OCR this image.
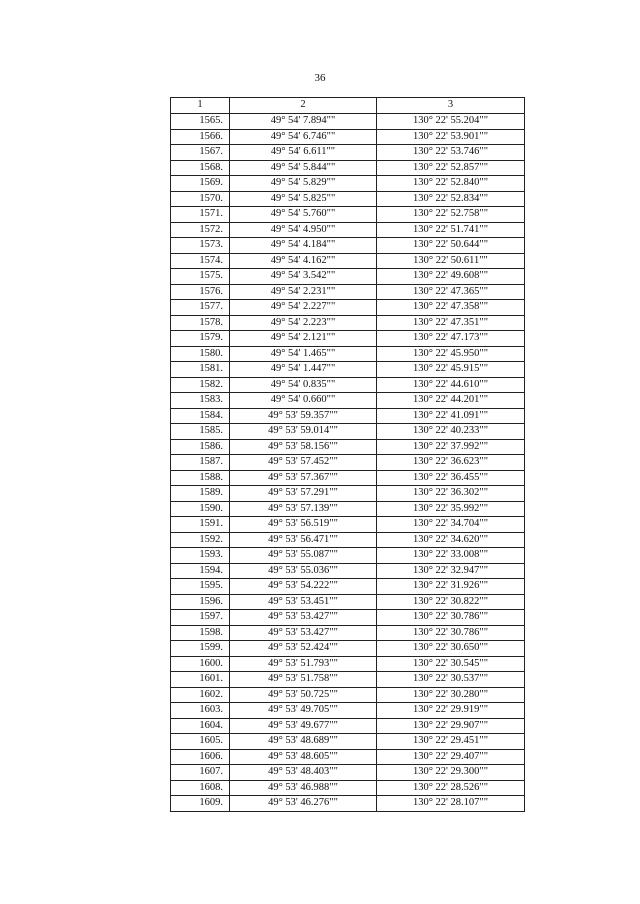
36
1	2	3
1565.	49° 54' 7.894""	130° 22' 55.204""
1566.	49° 54' 6.746""	130° 22' 53.901""
1567.	49° 54' 6.611""	130° 22' 53.746""
1568.	49° 54' 5.844""	130° 22' 52.857""
1569.	49° 54' 5.829""	130° 22' 52.840""
1570.	49° 54' 5.825""	130° 22' 52.834""
1571.	49° 54' 5.760""	130° 22' 52.758""
1572.	49° 54' 4.950""	130° 22' 51.741""
1573.	49° 54' 4.184""	130° 22' 50.644""
1574.	49° 54' 4.162""	130° 22' 50.611""
1575.	49° 54' 3.542""	130° 22' 49.608""
1576.	49° 54' 2.231""	130° 22' 47.365""
1577.	49° 54' 2.227""	130° 22' 47.358""
1578.	49° 54' 2.223""	130° 22' 47.351""
1579.	49° 54' 2.121""	130° 22' 47.173""
1580.	49° 54' 1.465""	130° 22' 45.950""
1581.	49° 54' 1.447""	130° 22' 45.915""
1582.	49° 54' 0.835""	130° 22' 44.610""
1583.	49° 54' 0.660""	130° 22' 44.201""
1584.	49° 53' 59.357""	130° 22' 41.091""
1585.	49° 53' 59.014""	130° 22' 40.233""
1586.	49° 53' 58.156""	130° 22' 37.992""
1587.	49° 53' 57.452""	130° 22' 36.623""
1588.	49° 53' 57.367""	130° 22' 36.455""
1589.	49° 53' 57.291""	130° 22' 36.302""
1590.	49° 53' 57.139""	130° 22' 35.992""
1591.	49° 53' 56.519""	130° 22' 34.704""
1592.	49° 53' 56.471""	130° 22' 34.620""
1593.	49° 53' 55.087""	130° 22' 33.008""
1594.	49° 53' 55.036""	130° 22' 32.947""
1595.	49° 53' 54.222""	130° 22' 31.926""
1596.	49° 53' 53.451""	130° 22' 30.822""
1597.	49° 53' 53.427""	130° 22' 30.786""
1598.	49° 53' 53.427""	130° 22' 30.786""
1599.	49° 53' 52.424""	130° 22' 30.650""
1600.	49° 53' 51.793""	130° 22' 30.545""
1601.	49° 53' 51.758""	130° 22' 30.537""
1602.	49° 53' 50.725""	130° 22' 30.280""
1603.	49° 53' 49.705""	130° 22' 29.919""
1604.	49° 53' 49.677""	130° 22' 29.907""
1605.	49° 53' 48.689""	130° 22' 29.451""
1606.	49° 53' 48.605""	130° 22' 29.407""
1607.	49° 53' 48.403""	130° 22' 29.300""
1608.	49° 53' 46.988""	130° 22' 28.526""
1609.	49° 53' 46.276""	130° 22' 28.107""
